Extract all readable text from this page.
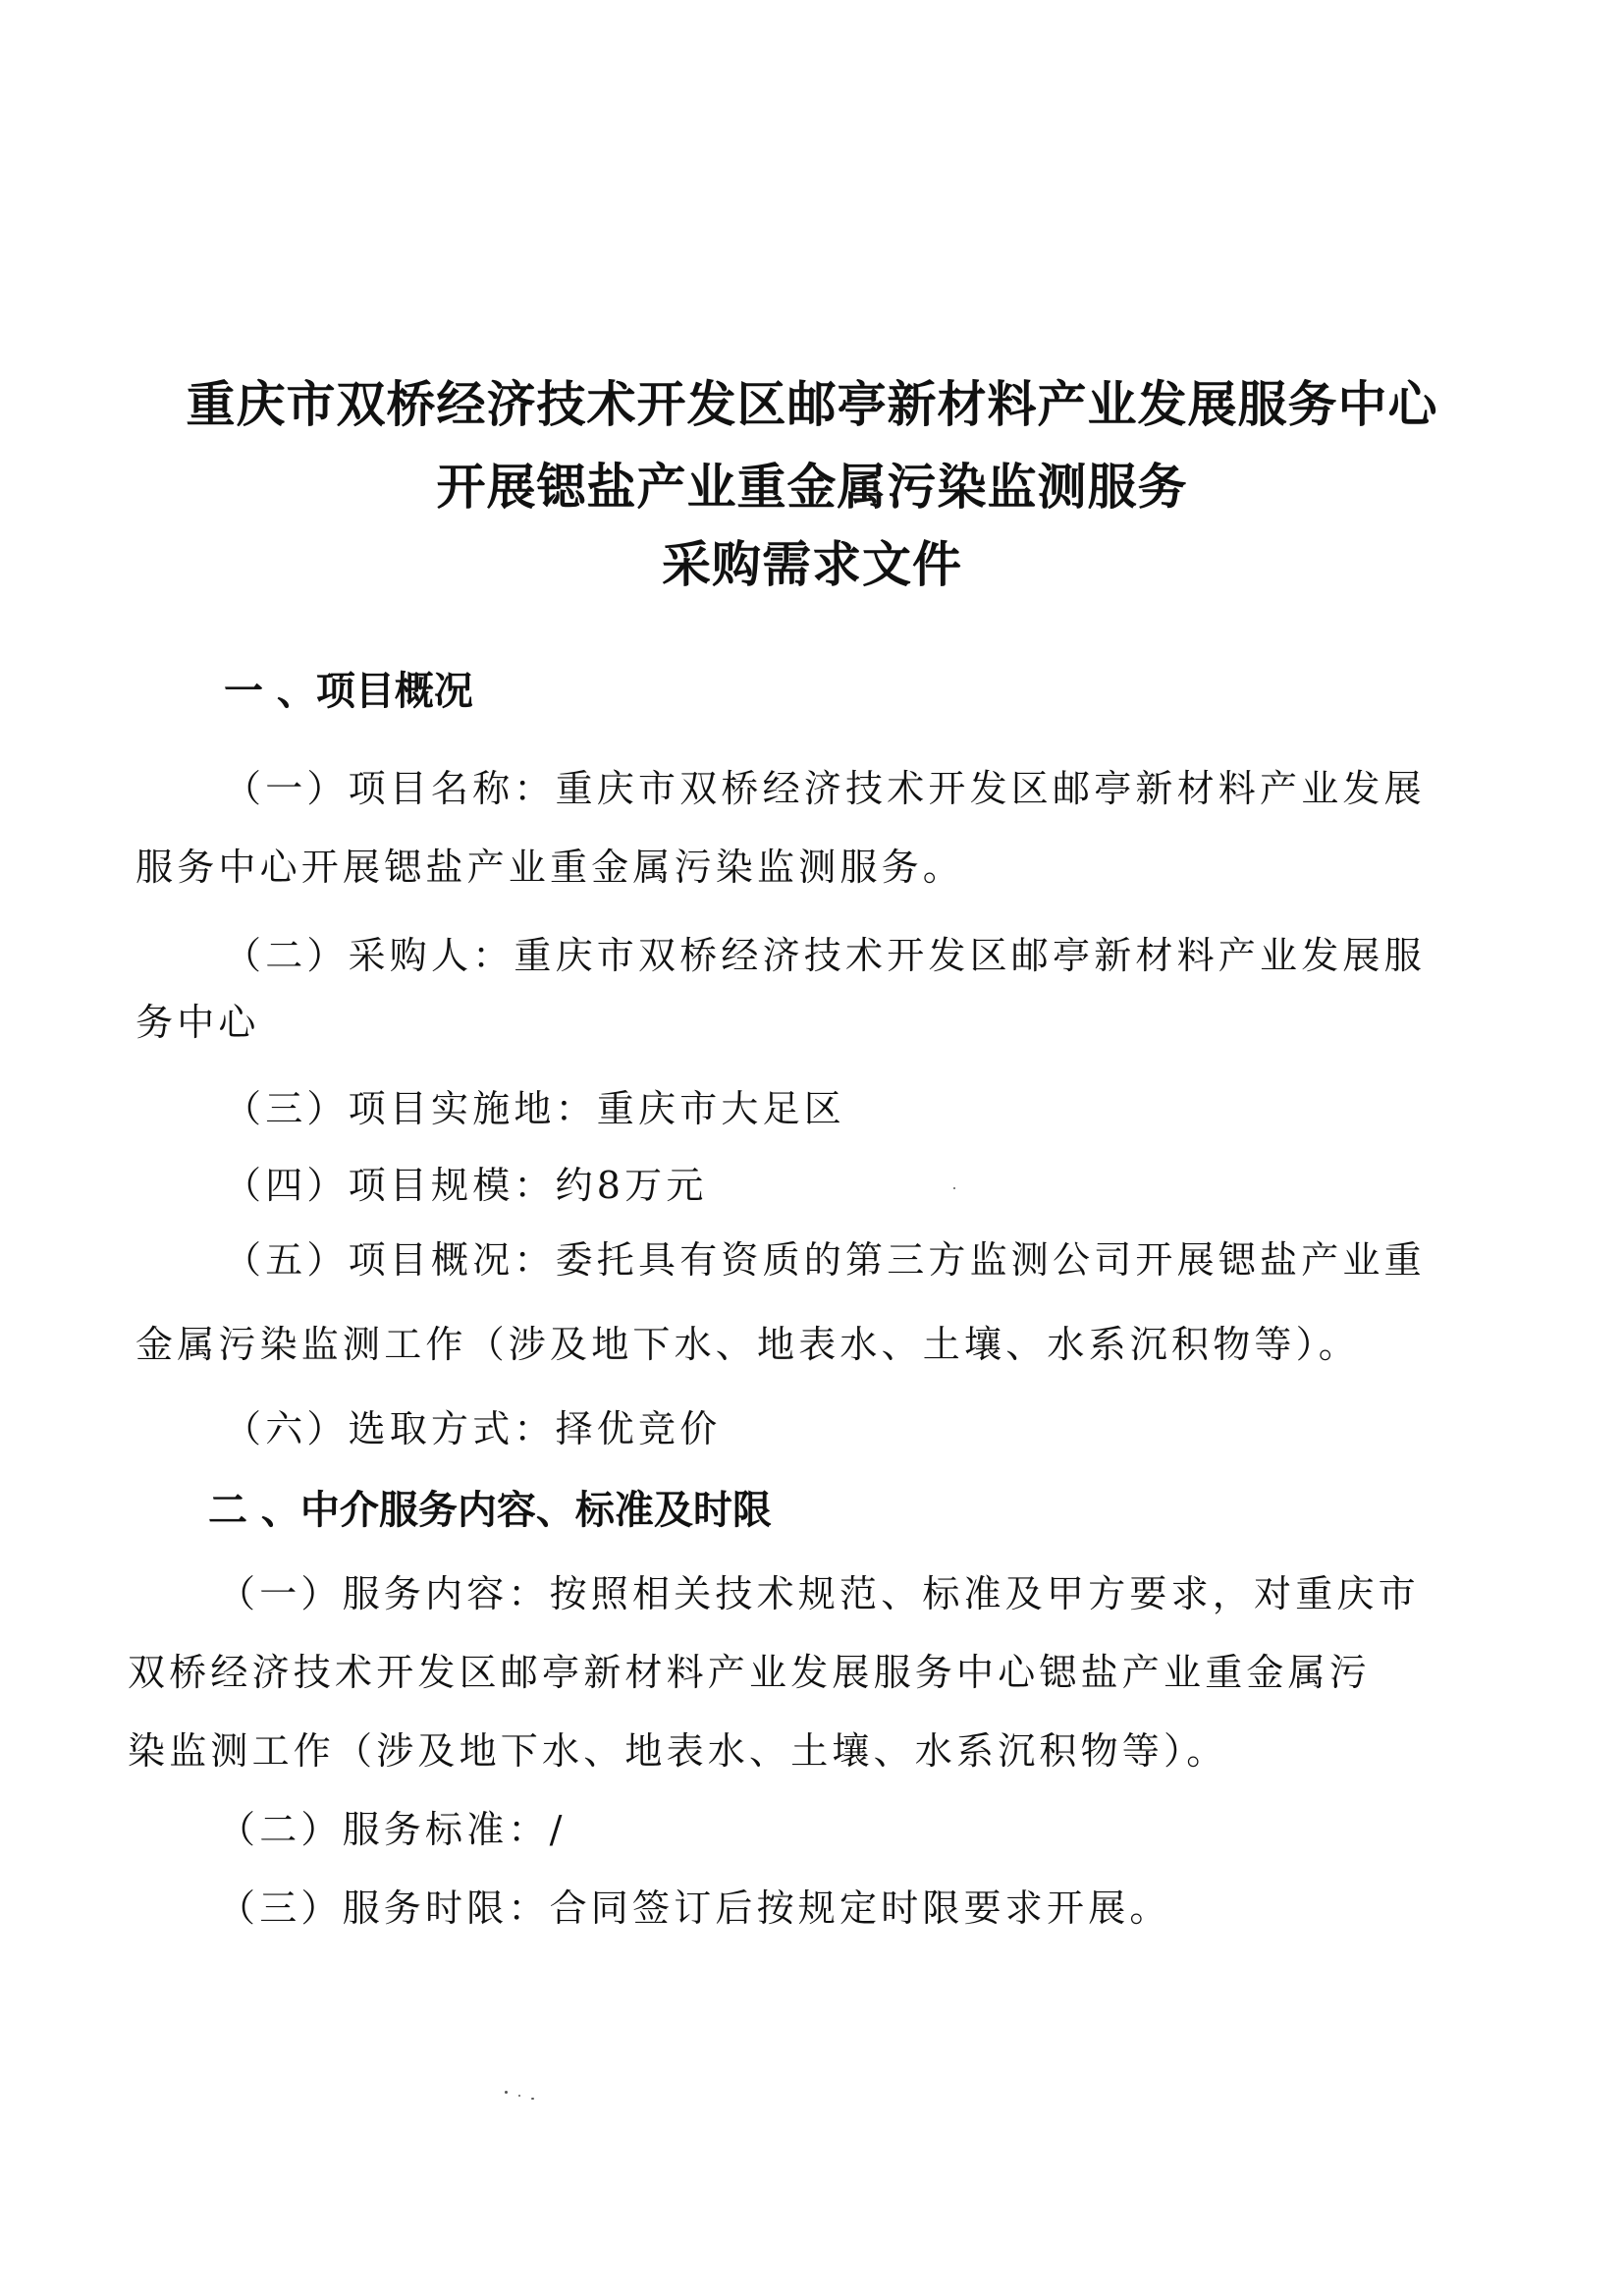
重庆市双桥经济技术开发区邮亭新材料产业发展服务中心
开展锶盐产业重金属污染监测服务
采购需求文件
一 、项目概况
（一）项目名称：重庆市双桥经济技术开发区邮亭新材料产业发展
服务中心开展锶盐产业重金属污染监测服务。
（二）采购人：重庆市双桥经济技术开发区邮亭新材料产业发展服
务中心
（三）项目实施地：重庆市大足区
（四）项目规模：约8万元
（五）项目概况：委托具有资质的第三方监测公司开展锶盐产业重
金属污染监测工作（涉及地下水、地表水、土壤、水系沉积物等）。
（六）选取方式：择优竞价
二 、中介服务内容、标准及时限
（一）服务内容：按照相关技术规范、标准及甲方要求，对重庆市
双桥经济技术开发区邮亭新材料产业发展服务中心锶盐产业重金属污
染监测工作（涉及地下水、地表水、土壤、水系沉积物等）。
（二）服务标准：/
（三）服务时限：合同签订后按规定时限要求开展。
